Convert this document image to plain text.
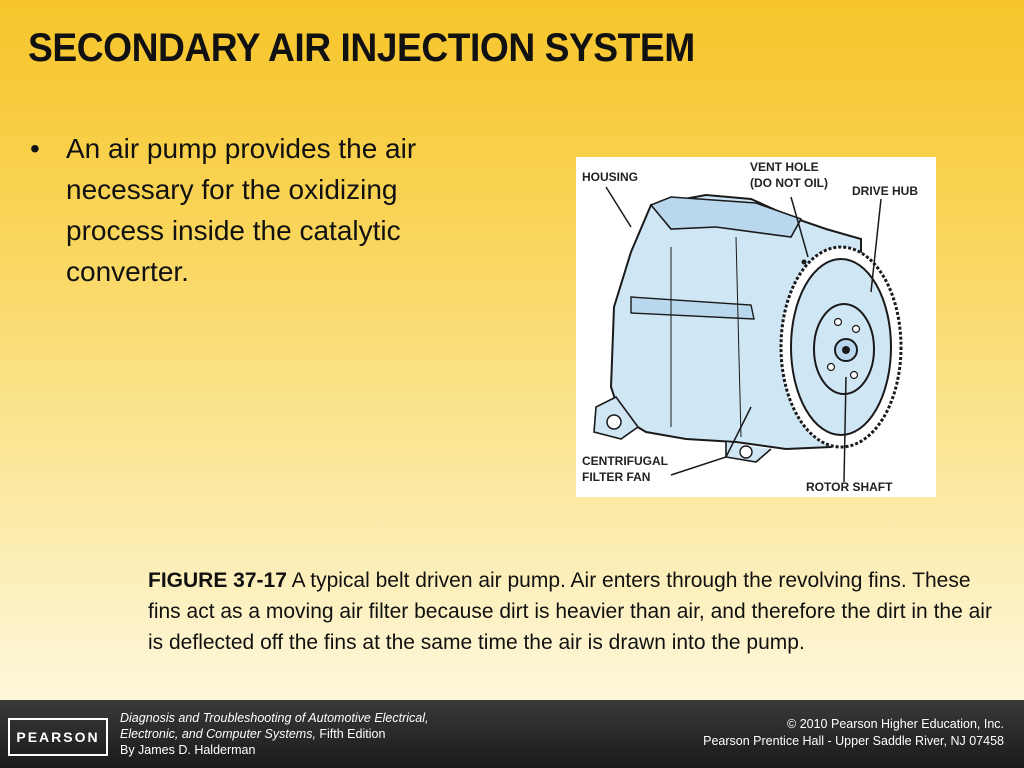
SECONDARY AIR INJECTION SYSTEM
• An air pump provides the air necessary for the oxidizing process inside the catalytic converter.
HOUSING
VENT HOLE
(DO NOT OIL)
DRIVE HUB
CENTRIFUGAL
FILTER FAN
ROTOR SHAFT

FIGURE 37-17 A typical belt driven air pump. Air enters through the revolving fins. These fins act as a moving air filter because dirt is heavier than air, and therefore the dirt in the air is deflected off the fins at the same time the air is drawn into the pump.

PEARSON
Diagnosis and Troubleshooting of Automotive Electrical,
Electronic, and Computer Systems, Fifth Edition
By James D. Halderman
© 2010 Pearson Higher Education, Inc.
Pearson Prentice Hall - Upper Saddle River, NJ 07458
